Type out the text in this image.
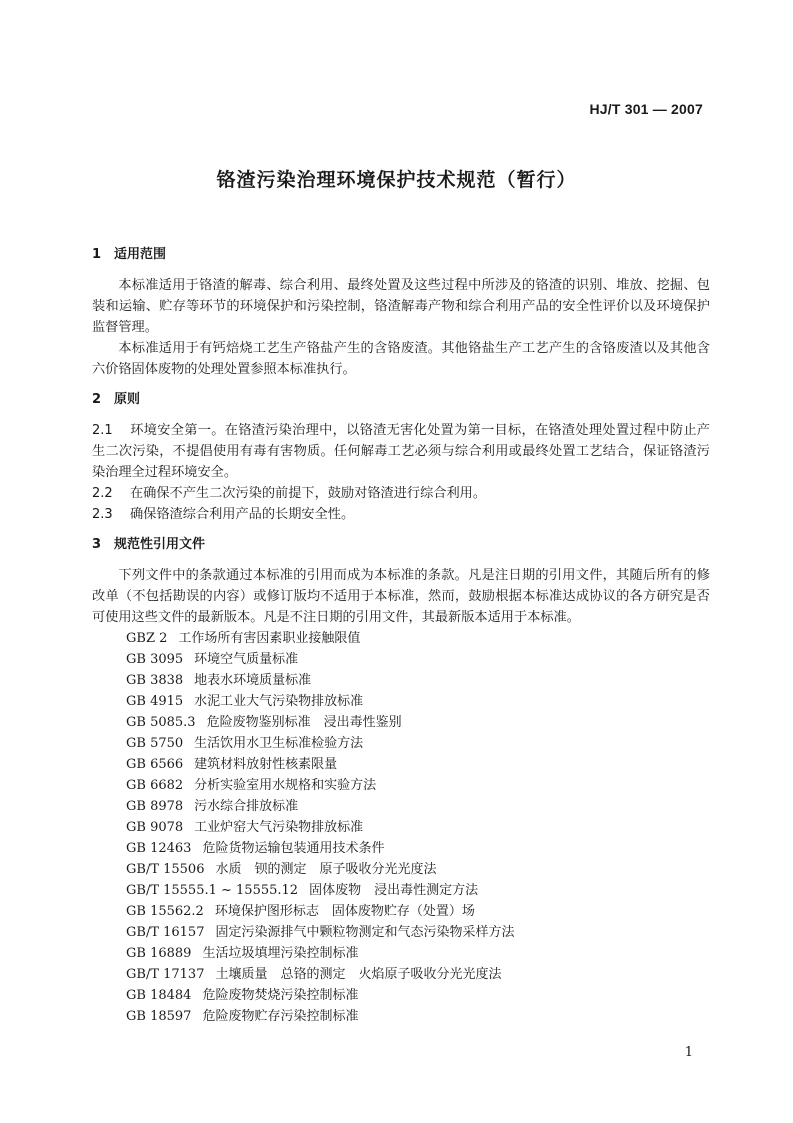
HJ/T 301 — 2007
铬渣污染治理环境保护技术规范（暂行）
1 适用范围

本标准适用于铬渣的解毒、综合利用、最终处置及这些过程中所涉及的铬渣的识别、堆放、挖掘、包装和运输、贮存等环节的环境保护和污染控制，铬渣解毒产物和综合利用产品的安全性评价以及环境保护监督管理。

本标准适用于有钙焙烧工艺生产铬盐产生的含铬废渣。其他铬盐生产工艺产生的含铬废渣以及其他含六价铬固体废物的处理处置参照本标准执行。

2 原则

2.1 环境安全第一。在铬渣污染治理中，以铬渣无害化处置为第一目标，在铬渣处理处置过程中防止产生二次污染，不提倡使用有毒有害物质。任何解毒工艺必须与综合利用或最终处置工艺结合，保证铬渣污染治理全过程环境安全。

2.2 在确保不产生二次污染的前提下，鼓励对铬渣进行综合利用。

2.3 确保铬渣综合利用产品的长期安全性。

3 规范性引用文件

下列文件中的条款通过本标准的引用而成为本标准的条款。凡是注日期的引用文件，其随后所有的修改单（不包括勘误的内容）或修订版均不适用于本标准，然而，鼓励根据本标准达成协议的各方研究是否可使用这些文件的最新版本。凡是不注日期的引用文件，其最新版本适用于本标准。

GBZ 2 工作场所有害因素职业接触限值
GB 3095 环境空气质量标准
GB 3838 地表水环境质量标准
GB 4915 水泥工业大气污染物排放标准
GB 5085.3 危险废物鉴别标准　浸出毒性鉴别
GB 5750 生活饮用水卫生标准检验方法
GB 6566 建筑材料放射性核素限量
GB 6682 分析实验室用水规格和实验方法
GB 8978 污水综合排放标准
GB 9078 工业炉窑大气污染物排放标准
GB 12463 危险货物运输包装通用技术条件
GB/T 15506 水质　钡的测定　原子吸收分光光度法
GB/T 15555.1 ~ 15555.12 固体废物　浸出毒性测定方法
GB 15562.2 环境保护图形标志　固体废物贮存（处置）场
GB/T 16157 固定污染源排气中颗粒物测定和气态污染物采样方法
GB 16889 生活垃圾填埋污染控制标准
GB/T 17137 土壤质量　总铬的测定　火焰原子吸收分光光度法
GB 18484 危险废物焚烧污染控制标准
GB 18597 危险废物贮存污染控制标准
1
